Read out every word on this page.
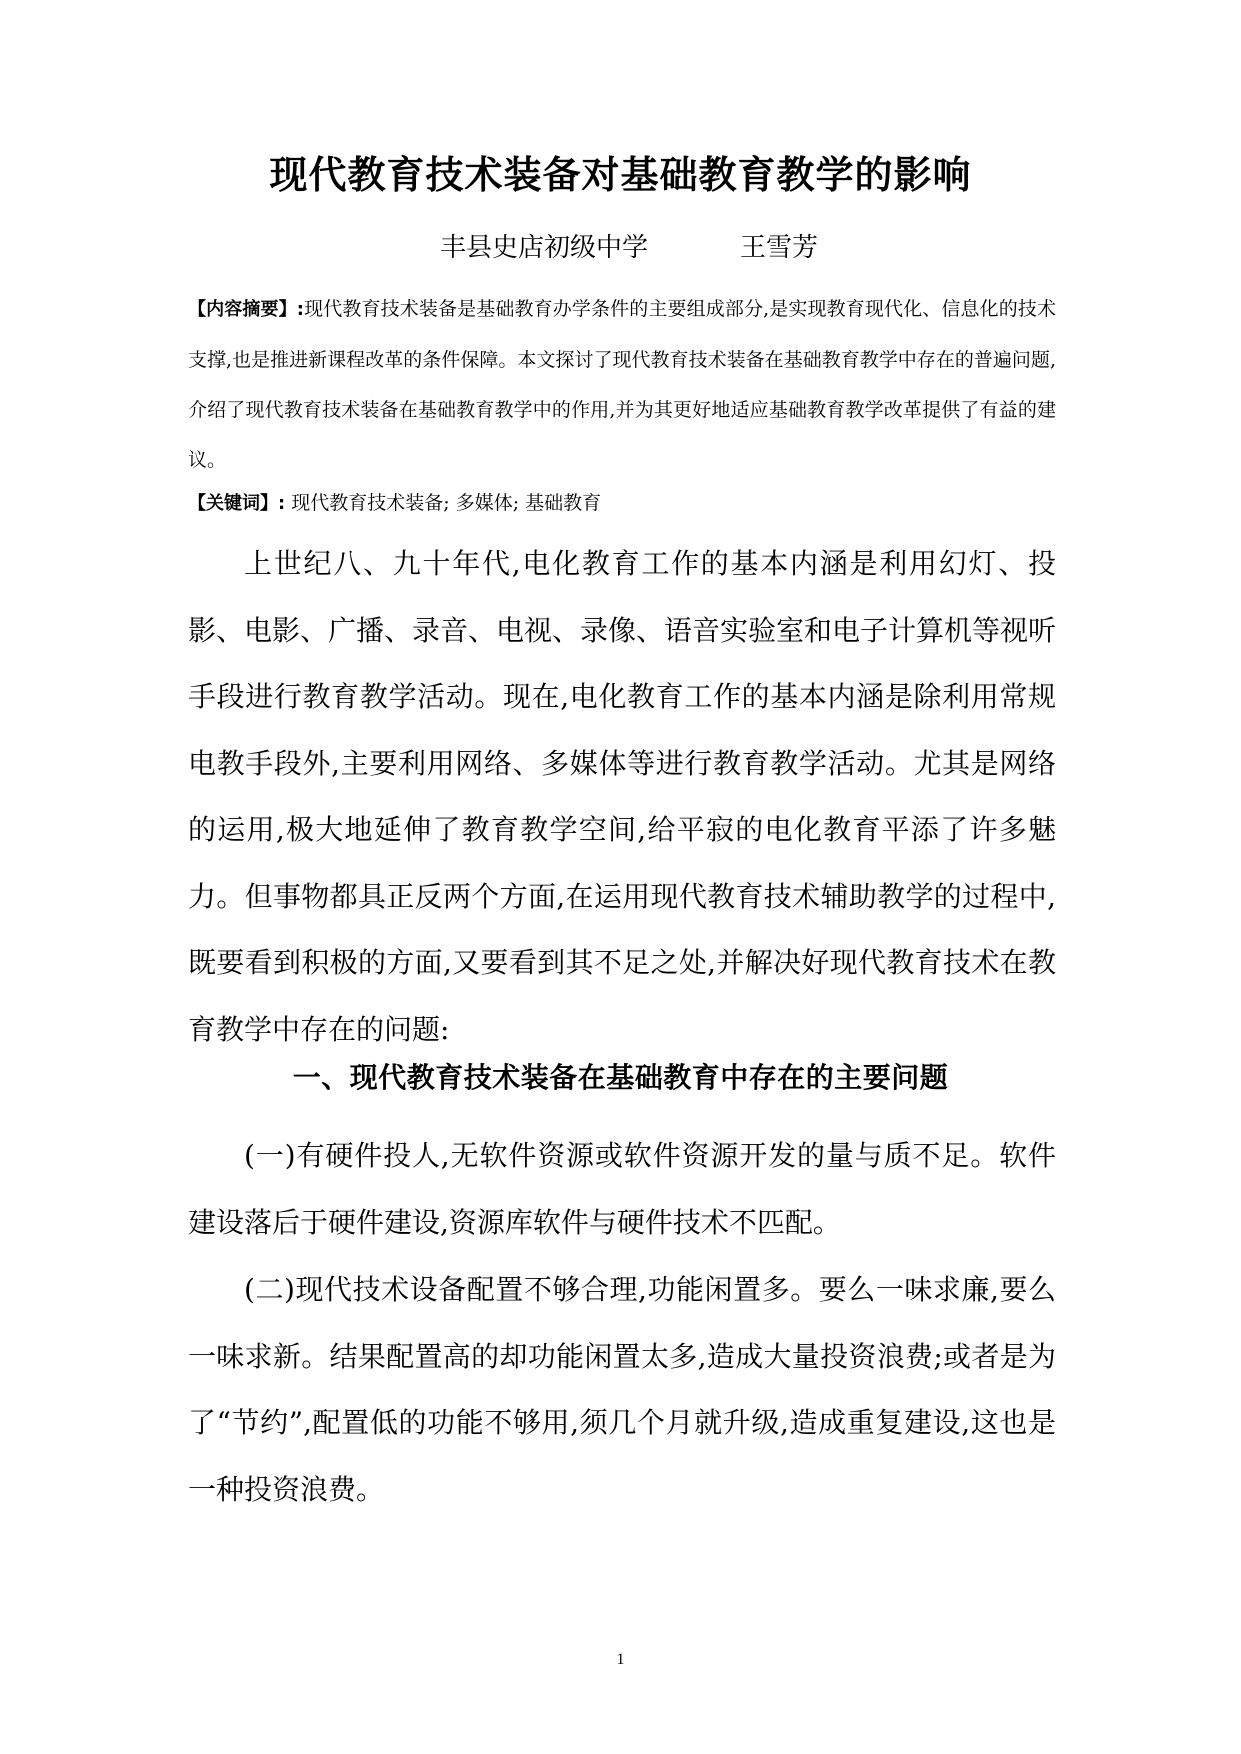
现代教育技术装备对基础教育教学的影响
丰县史店初级中学	王雪芳

【内容摘要】:现代教育技术装备是基础教育办学条件的主要组成部分,是实现教育现代化、信息化的技术支撑,也是推进新课程改革的条件保障。本文探讨了现代教育技术装备在基础教育教学中存在的普遍问题,介绍了现代教育技术装备在基础教育教学中的作用,并为其更好地适应基础教育教学改革提供了有益的建议。

【关键词】: 现代教育技术装备; 多媒体; 基础教育

上世纪八、九十年代,电化教育工作的基本内涵是利用幻灯、投影、电影、广播、录音、电视、录像、语音实验室和电子计算机等视听手段进行教育教学活动。现在,电化教育工作的基本内涵是除利用常规电教手段外,主要利用网络、多媒体等进行教育教学活动。尤其是网络的运用,极大地延伸了教育教学空间,给平寂的电化教育平添了许多魅力。但事物都具正反两个方面,在运用现代教育技术辅助教学的过程中,既要看到积极的方面,又要看到其不足之处,并解决好现代教育技术在教育教学中存在的问题:

一、现代教育技术装备在基础教育中存在的主要问题

(一)有硬件投人,无软件资源或软件资源开发的量与质不足。软件建设落后于硬件建设,资源库软件与硬件技术不匹配。

(二)现代技术设备配置不够合理,功能闲置多。要么一味求廉,要么一味求新。结果配置高的却功能闲置太多,造成大量投资浪费;或者是为了“节约”,配置低的功能不够用,须几个月就升级,造成重复建设,这也是一种投资浪费。

1
